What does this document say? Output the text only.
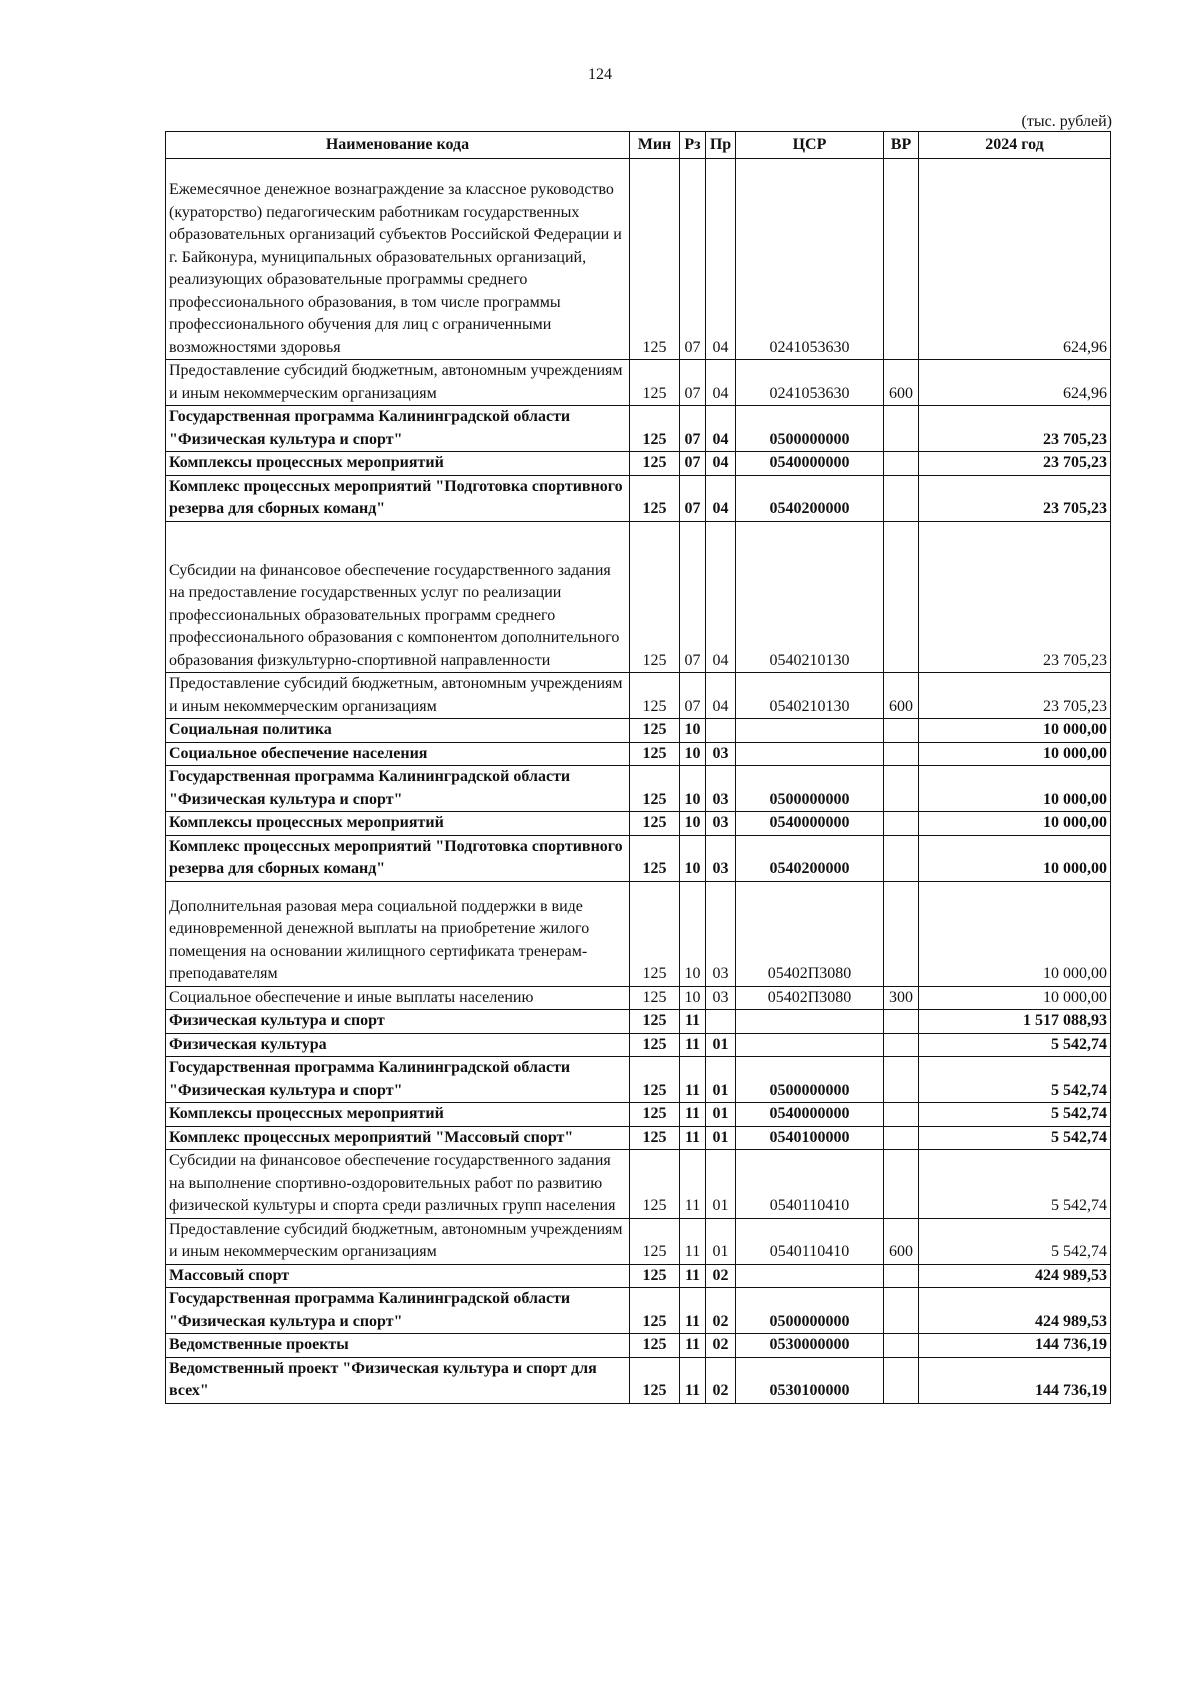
124
(тыс. рублей)
Наименование кода	Мин	Рз	Пр	ЦСР	ВР	2024 год
Ежемесячное денежное вознаграждение за классное руководство (кураторство) педагогическим работникам государственных образовательных организаций субъектов Российской Федерации и г. Байконура, муниципальных образовательных организаций, реализующих образовательные программы среднего профессионального образования, в том числе программы профессионального обучения для лиц с ограниченными возможностями здоровья	125	07	04	0241053630		624,96
Предоставление субсидий бюджетным, автономным учреждениям и иным некоммерческим организациям	125	07	04	0241053630	600	624,96
Государственная программа Калининградской области "Физическая культура и спорт"	125	07	04	0500000000		23 705,23
Комплексы процессных мероприятий	125	07	04	0540000000		23 705,23
Комплекс процессных мероприятий "Подготовка спортивного резерва для сборных команд"	125	07	04	0540200000		23 705,23
Субсидии на финансовое обеспечение государственного задания на предоставление государственных услуг по реализации профессиональных образовательных программ среднего профессионального образования с компонентом дополнительного образования физкультурно-спортивной направленности	125	07	04	0540210130		23 705,23
Предоставление субсидий бюджетным, автономным учреждениям и иным некоммерческим организациям	125	07	04	0540210130	600	23 705,23
Социальная политика	125	10				10 000,00
Социальное обеспечение населения	125	10	03			10 000,00
Государственная программа Калининградской области "Физическая культура и спорт"	125	10	03	0500000000		10 000,00
Комплексы процессных мероприятий	125	10	03	0540000000		10 000,00
Комплекс процессных мероприятий "Подготовка спортивного резерва для сборных команд"	125	10	03	0540200000		10 000,00
Дополнительная разовая мера социальной поддержки в виде единовременной денежной выплаты на приобретение жилого помещения на основании жилищного сертификата тренерам-преподавателям	125	10	03	05402П3080		10 000,00
Социальное обеспечение и иные выплаты населению	125	10	03	05402П3080	300	10 000,00
Физическая культура и спорт	125	11				1 517 088,93
Физическая культура	125	11	01			5 542,74
Государственная программа Калининградской области "Физическая культура и спорт"	125	11	01	0500000000		5 542,74
Комплексы процессных мероприятий	125	11	01	0540000000		5 542,74
Комплекс процессных мероприятий "Массовый спорт"	125	11	01	0540100000		5 542,74
Субсидии на финансовое обеспечение государственного задания на выполнение спортивно-оздоровительных работ по развитию физической культуры и спорта среди различных групп населения	125	11	01	0540110410		5 542,74
Предоставление субсидий бюджетным, автономным учреждениям и иным некоммерческим организациям	125	11	01	0540110410	600	5 542,74
Массовый спорт	125	11	02			424 989,53
Государственная программа Калининградской области "Физическая культура и спорт"	125	11	02	0500000000		424 989,53
Ведомственные проекты	125	11	02	0530000000		144 736,19
Ведомственный проект "Физическая культура и спорт для всех"	125	11	02	0530100000		144 736,19
